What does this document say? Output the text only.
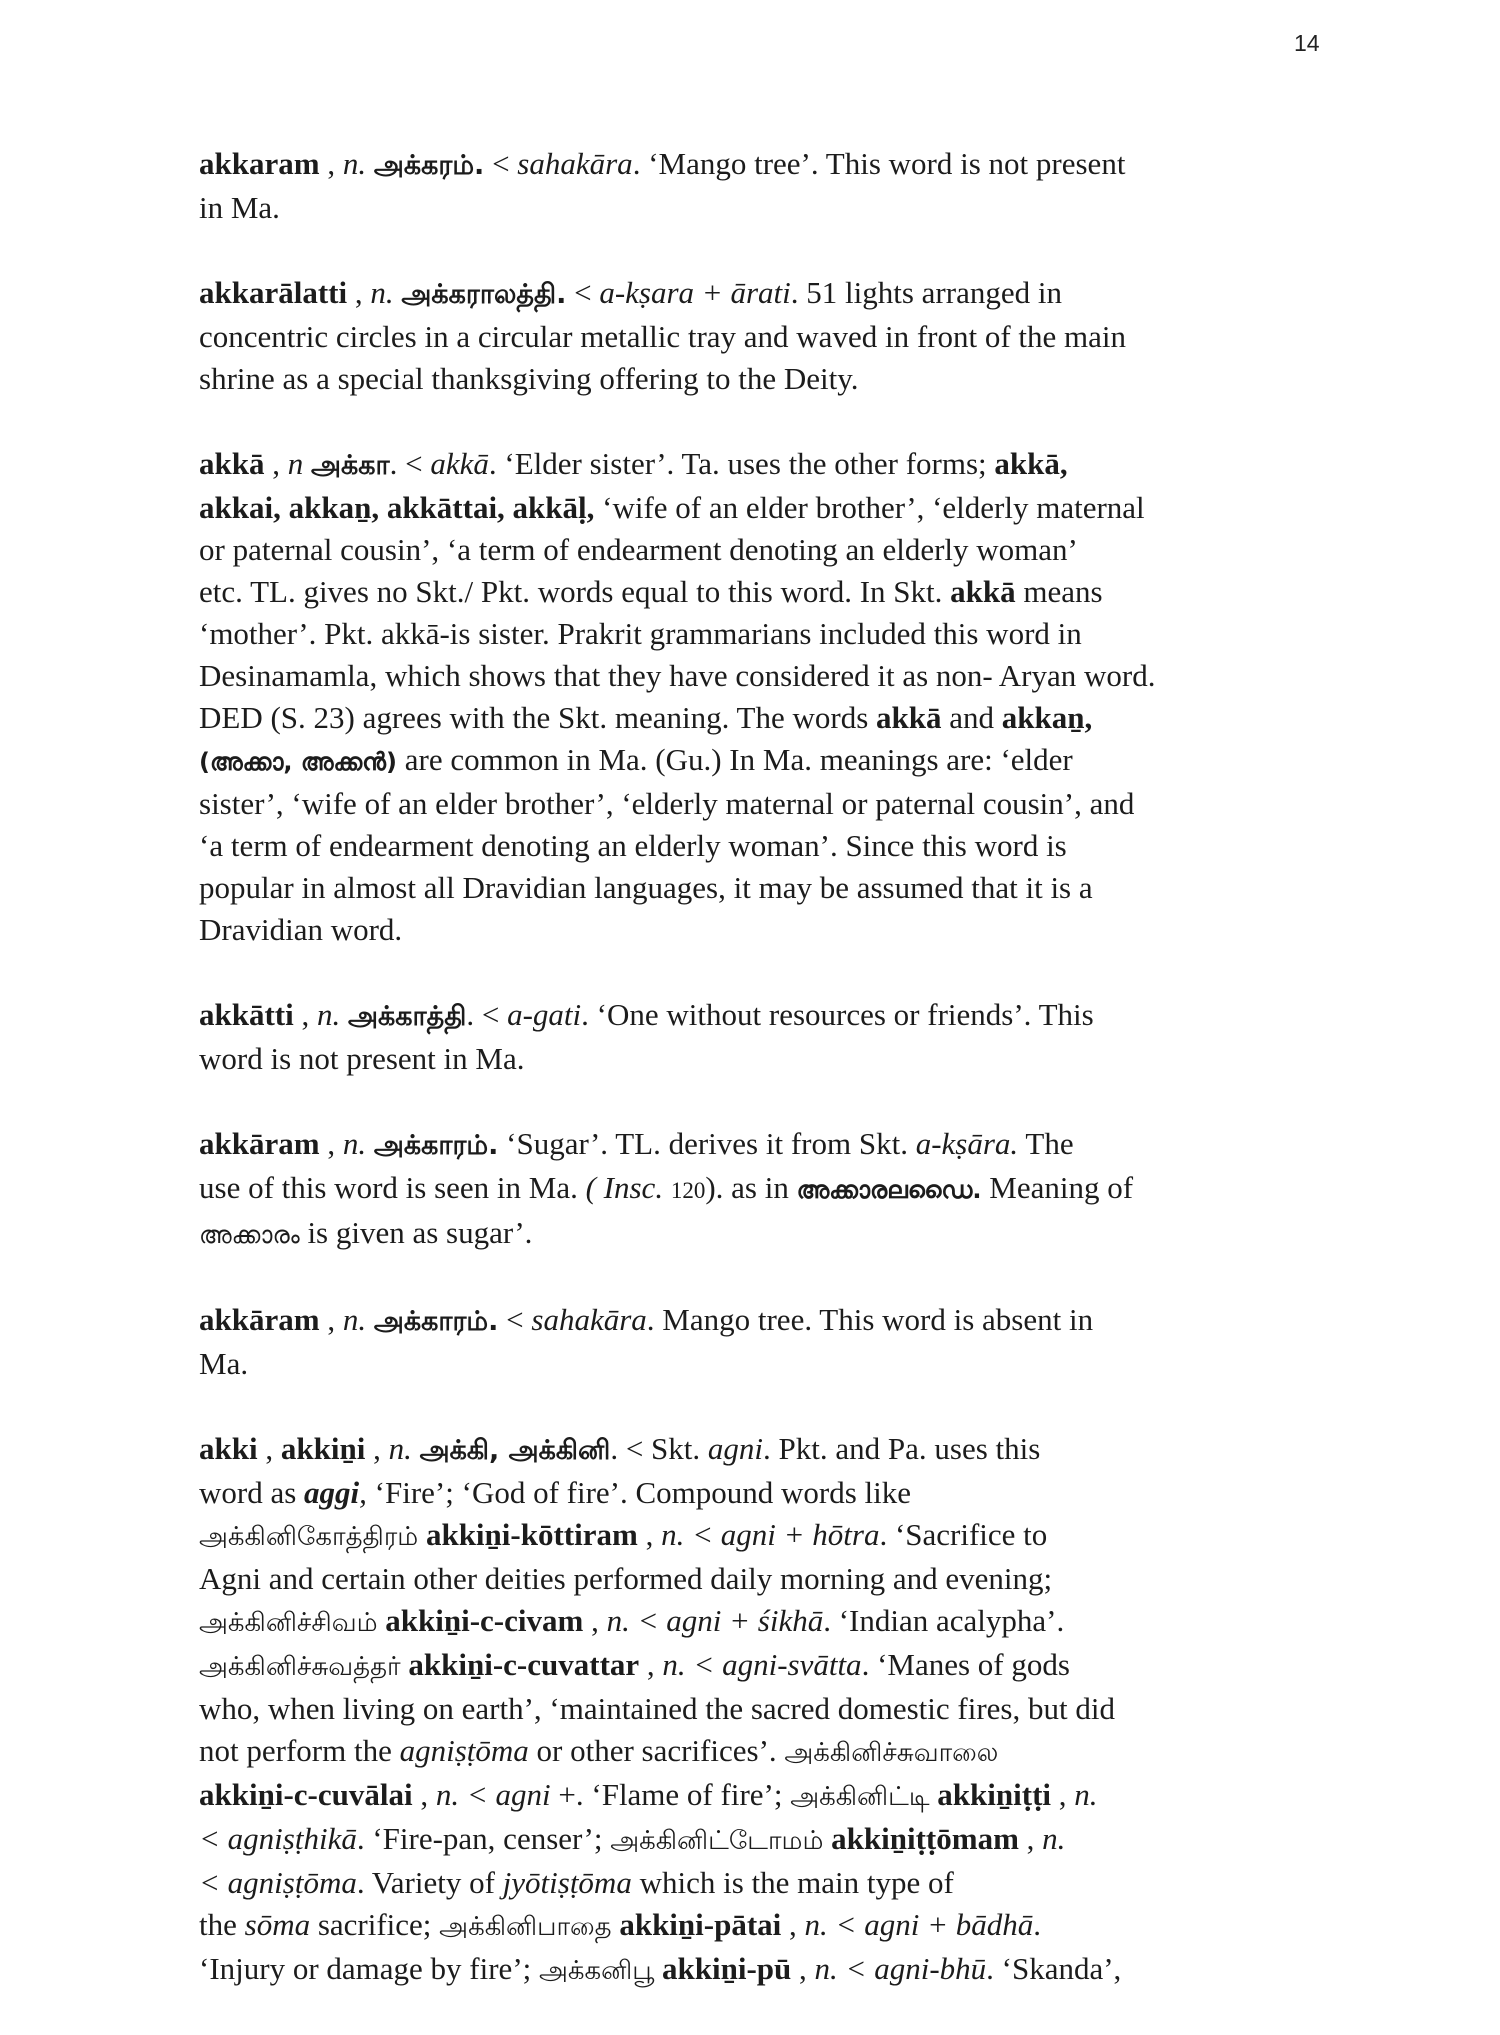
14
akkaram , n. அக்கரம். < sahakāra. ‘Mango tree’. This word is not present
in Ma.
akkarālatti , n. அக்கராலத்தி. < a-kṣara + ārati. 51 lights arranged in
concentric circles in a circular metallic tray and waved in front of the main
shrine as a special thanksgiving offering to the Deity.
akkā , n அக்கா. < akkā. ‘Elder sister’. Ta. uses the other forms; akkā,
akkai, akkaṉ, akkāttai, akkāḷ, ‘wife of an elder brother’, ‘elderly maternal
or paternal cousin’, ‘a term of endearment denoting an elderly woman’
etc. TL. gives no Skt./ Pkt. words equal to this word. In Skt. akkā means
‘mother’. Pkt. akkā-is sister. Prakrit grammarians included this word in
Desinamamla, which shows that they have considered it as non- Aryan word.
DED (S. 23) agrees with the Skt. meaning. The words akkā and akkaṉ,
(അക്കാ, അക്കൻ) are common in Ma. (Gu.) In Ma. meanings are: ‘elder
sister’, ‘wife of an elder brother’, ‘elderly maternal or paternal cousin’, and
‘a term of endearment denoting an elderly woman’. Since this word is
popular in almost all Dravidian languages, it may be assumed that it is a
Dravidian word.
akkātti , n. அக்காத்தி. < a-gati. ‘One without resources or friends’. This
word is not present in Ma.
akkāram , n. அக்காரம். ‘Sugar’. TL. derives it from Skt. a-kṣāra. The
use of this word is seen in Ma. ( Insc. 120). as in അക്കാരലഡൈ. Meaning of
അക്കാരം is given as sugar’.
akkāram , n. அக்காரம். < sahakāra. Mango tree. This word is absent in
Ma.
akki , akkiṉi , n. அக்கி, அக்கினி. < Skt. agni. Pkt. and Pa. uses this
word as aggi, ‘Fire’; ‘God of fire’. Compound words like
அக்கினிகோத்திரம் akkiṉi-kōttiram , n. < agni + hōtra. ‘Sacrifice to
Agni and certain other deities performed daily morning and evening;
அக்கினிச்சிவம் akkiṉi-c-civam , n. < agni + śikhā. ‘Indian acalypha’.
அக்கினிச்சுவத்தர் akkiṉi-c-cuvattar , n. < agni-svātta. ‘Manes of gods
who, when living on earth’, ‘maintained the sacred domestic fires, but did
not perform the agniṣṭōma or other sacrifices’. அக்கினிச்சுவாலை
akkiṉi-c-cuvālai , n. < agni +. ‘Flame of fire’; அக்கினிட்டி akkiṉiṭṭi , n.
< agniṣṭhikā. ‘Fire-pan, censer’; அக்கினிட்டோமம் akkiṉiṭṭōmam , n.
< agniṣṭōma. Variety of jyōtiṣṭōma which is the main type of
the sōma sacrifice; அக்கினிபாதை akkiṉi-pātai , n. < agni + bādhā.
‘Injury or damage by fire’; அக்கனிபூ akkiṉi-pū , n. < agni-bhū. ‘Skanda’,
